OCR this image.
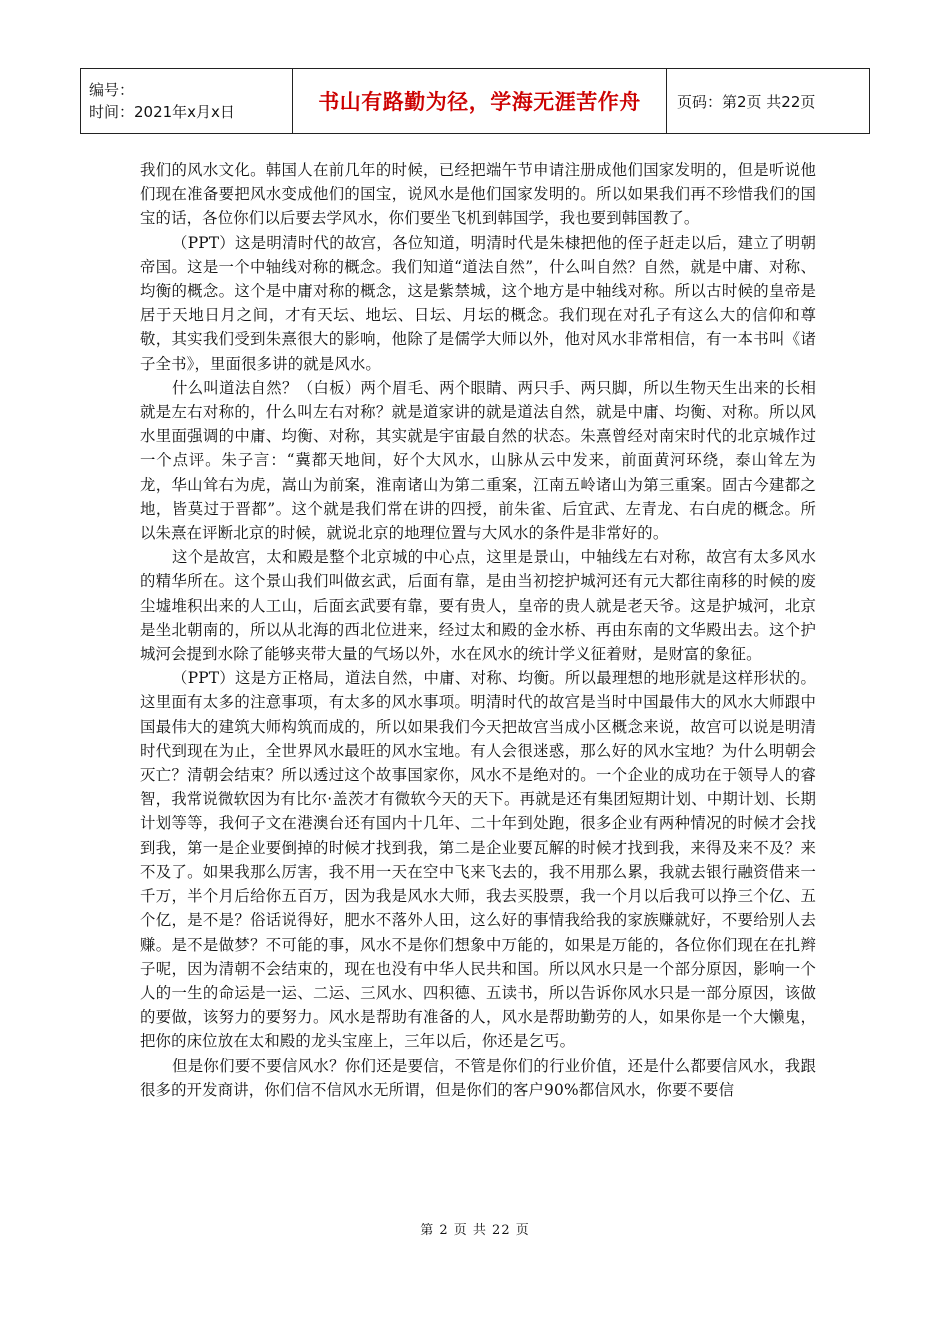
编号：
时间：2021年x月x日	书山有路勤为径，学海无涯苦作舟	页码：第2页 共22页

我们的风水文化。韩国人在前几年的时候，已经把端午节申请注册成他们国家发明的，但是听说他们现在准备要把风水变成他们的国宝，说风水是他们国家发明的。所以如果我们再不珍惜我们的国宝的话，各位你们以后要去学风水，你们要坐飞机到韩国学，我也要到韩国教了。

（PPT）这是明清时代的故宫，各位知道，明清时代是朱棣把他的侄子赶走以后，建立了明朝帝国。这是一个中轴线对称的概念。我们知道“道法自然”，什么叫自然？自然，就是中庸、对称、均衡的概念。这个是中庸对称的概念，这是紫禁城，这个地方是中轴线对称。所以古时候的皇帝是居于天地日月之间，才有天坛、地坛、日坛、月坛的概念。我们现在对孔子有这么大的信仰和尊敬，其实我们受到朱熹很大的影响，他除了是儒学大师以外，他对风水非常相信，有一本书叫《诸子全书》，里面很多讲的就是风水。

什么叫道法自然？（白板）两个眉毛、两个眼睛、两只手、两只脚，所以生物天生出来的长相就是左右对称的，什么叫左右对称？就是道家讲的就是道法自然，就是中庸、均衡、对称。所以风水里面强调的中庸、均衡、对称，其实就是宇宙最自然的状态。朱熹曾经对南宋时代的北京城作过一个点评。朱子言：“冀都天地间，好个大风水，山脉从云中发来，前面黄河环绕，泰山耸左为龙，华山耸右为虎，嵩山为前案，淮南诸山为第二重案，江南五岭诸山为第三重案。固古今建都之地，皆莫过于晋都”。这个就是我们常在讲的四授，前朱雀、后宜武、左青龙、右白虎的概念。所以朱熹在评断北京的时候，就说北京的地理位置与大风水的条件是非常好的。

这个是故宫，太和殿是整个北京城的中心点，这里是景山，中轴线左右对称，故宫有太多风水的精华所在。这个景山我们叫做玄武，后面有靠，是由当初挖护城河还有元大都往南移的时候的废尘墟堆积出来的人工山，后面玄武要有靠，要有贵人，皇帝的贵人就是老天爷。这是护城河，北京是坐北朝南的，所以从北海的西北位进来，经过太和殿的金水桥、再由东南的文华殿出去。这个护城河会提到水除了能够夹带大量的气场以外，水在风水的统计学义征着财，是财富的象征。

（PPT）这是方正格局，道法自然，中庸、对称、均衡。所以最理想的地形就是这样形状的。这里面有太多的注意事项，有太多的风水事项。明清时代的故宫是当时中国最伟大的风水大师跟中国最伟大的建筑大师构筑而成的，所以如果我们今天把故宫当成小区概念来说，故宫可以说是明清时代到现在为止，全世界风水最旺的风水宝地。有人会很迷惑，那么好的风水宝地？为什么明朝会灭亡？清朝会结束？所以透过这个故事国家你，风水不是绝对的。一个企业的成功在于领导人的睿智，我常说微软因为有比尔·盖茨才有微软今天的天下。再就是还有集团短期计划、中期计划、长期计划等等，我何子文在港澳台还有国内十几年、二十年到处跑，很多企业有两种情况的时候才会找到我，第一是企业要倒掉的时候才找到我，第二是企业要瓦解的时候才找到我，来得及来不及？来不及了。如果我那么厉害，我不用一天在空中飞来飞去的，我不用那么累，我就去银行融资借来一千万，半个月后给你五百万，因为我是风水大师，我去买股票，我一个月以后我可以挣三个亿、五个亿，是不是？俗话说得好，肥水不落外人田，这么好的事情我给我的家族赚就好，不要给别人去赚。是不是做梦？不可能的事，风水不是你们想象中万能的，如果是万能的，各位你们现在在扎辫子呢，因为清朝不会结束的，现在也没有中华人民共和国。所以风水只是一个部分原因，影响一个人的一生的命运是一运、二运、三风水、四积德、五读书，所以告诉你风水只是一部分原因，该做的要做，该努力的要努力。风水是帮助有准备的人，风水是帮助勤劳的人，如果你是一个大懒鬼，把你的床位放在太和殿的龙头宝座上，三年以后，你还是乞丐。

但是你们要不要信风水？你们还是要信，不管是你们的行业价值，还是什么都要信风水，我跟很多的开发商讲，你们信不信风水无所谓，但是你们的客户90%都信风水，你要不要信

第 2 页 共 22 页
